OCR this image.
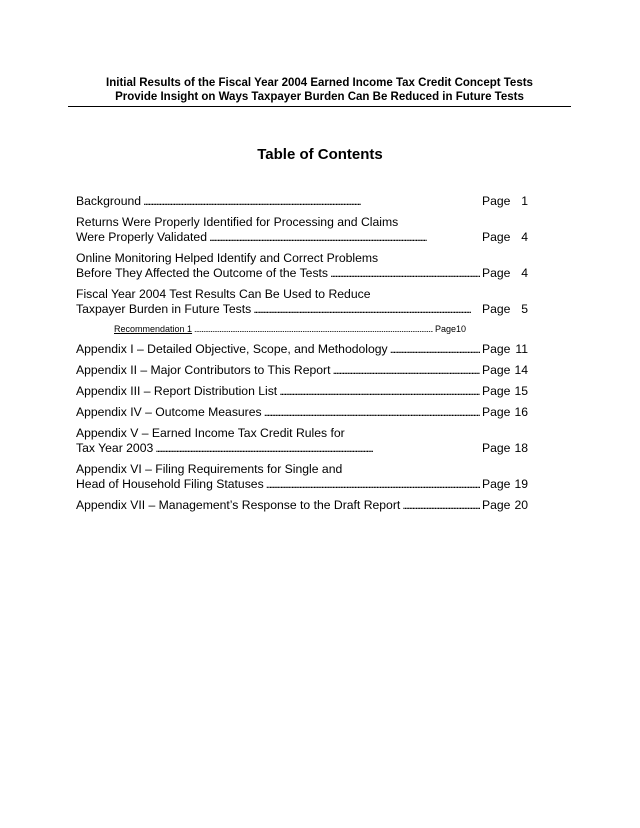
Initial Results of the Fiscal Year 2004 Earned Income Tax Credit Concept Tests
Provide Insight on Ways Taxpayer Burden Can Be Reduced in Future Tests
Table of Contents
Background . . .	Page 1
Returns Were Properly Identified for Processing and Claims
Were Properly Validated . . .	Page 4
Online Monitoring Helped Identify and Correct Problems
Before They Affected the Outcome of the Tests . . .	Page 4
Fiscal Year 2004 Test Results Can Be Used to Reduce
Taxpayer Burden in Future Tests . . .	Page 5
Recommendation 1 . . .	Page 10
Appendix I – Detailed Objective, Scope, and Methodology . . .	Page 11
Appendix II – Major Contributors to This Report . . .	Page 14
Appendix III – Report Distribution List . . .	Page 15
Appendix IV – Outcome Measures . . .	Page 16
Appendix V – Earned Income Tax Credit Rules for
Tax Year 2003 . . .	Page 18
Appendix VI – Filing Requirements for Single and
Head of Household Filing Statuses . . .	Page 19
Appendix VII – Management’s Response to the Draft Report . . .	Page 20
